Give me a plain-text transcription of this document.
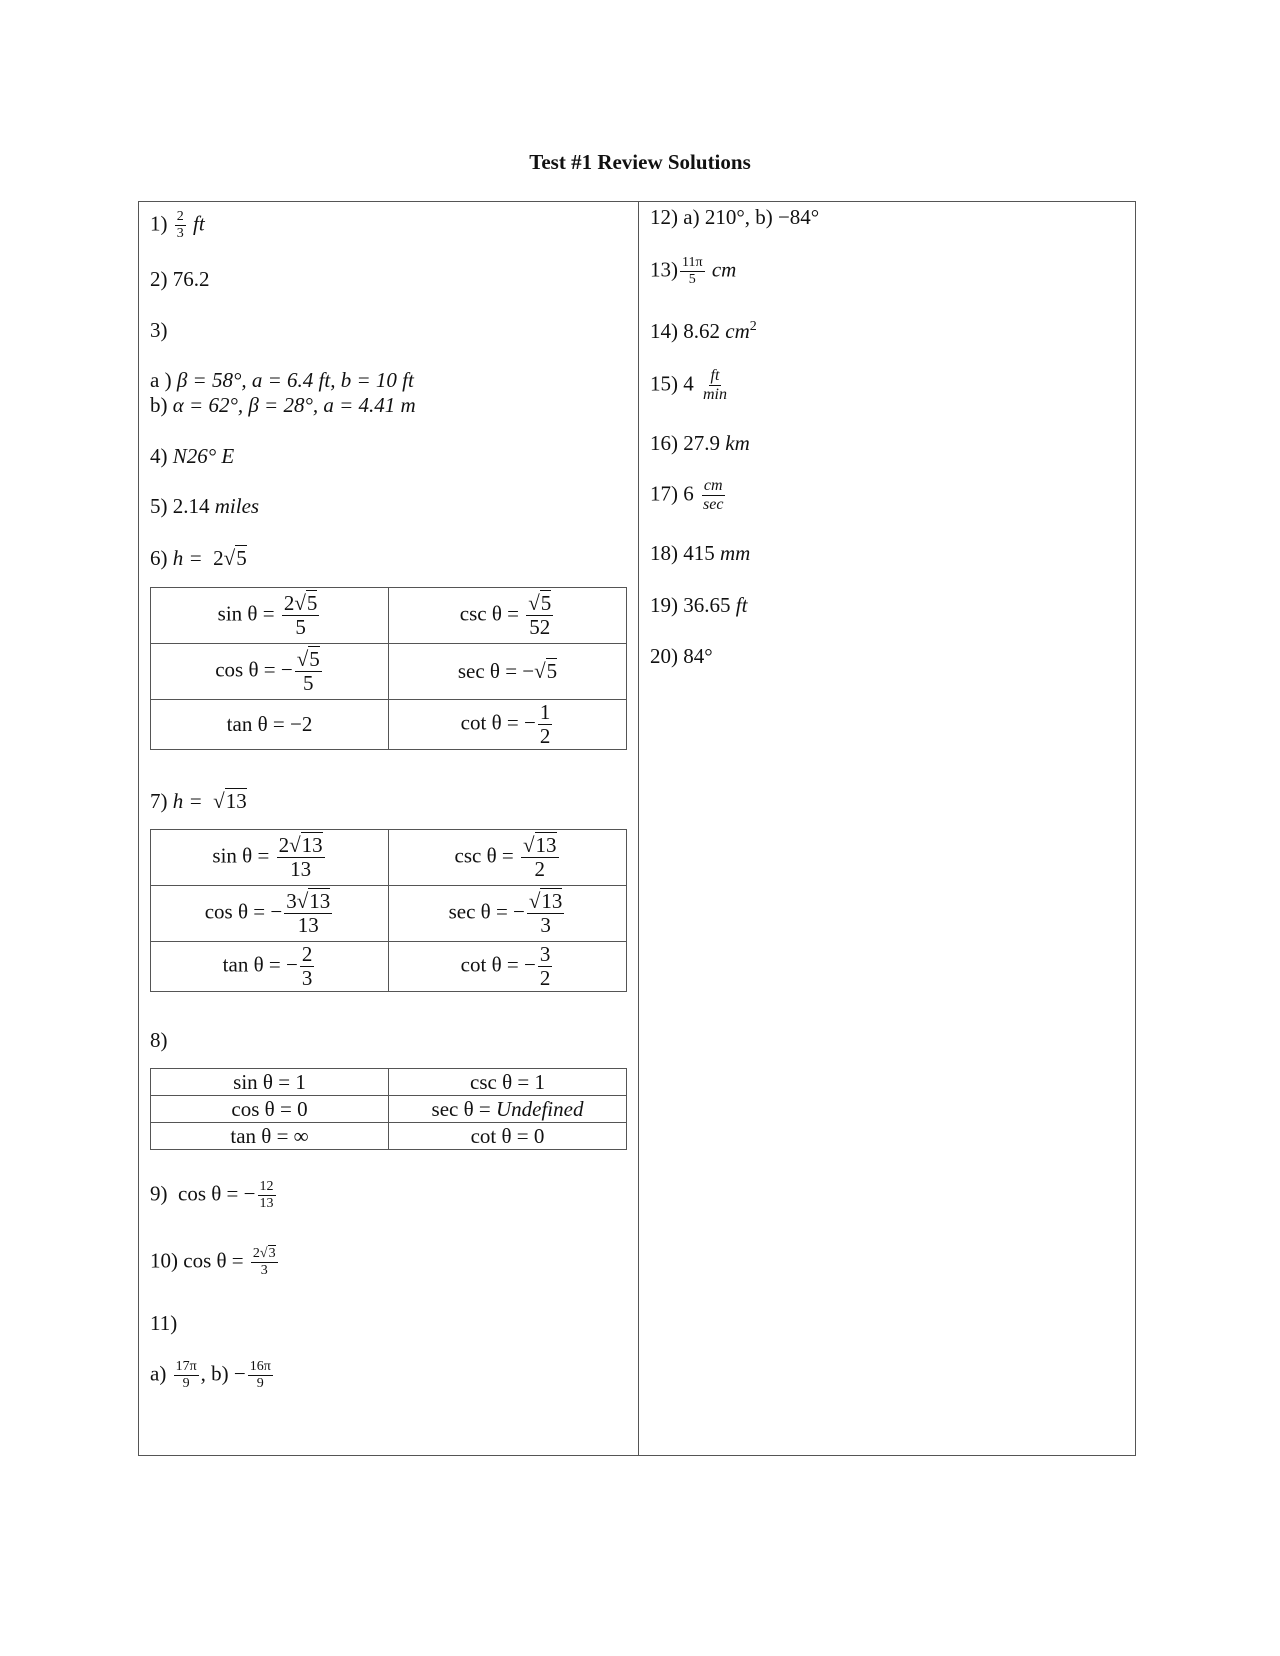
Test #1 Review Solutions
$1) \frac{2}{3}$ ft
2) 76.2
3)
a ) β = 58°, a = 6.4 ft, b = 10 ft
b) α = 62°, β = 28°, a = 4.41 m
4) N26° E
5) 2.14 miles
6) h = 2√5
$\sin \theta = \frac{2√5}{5}$	$\csc \theta = \frac{√5}{52}$

cos θ = − $\frac{√5}{5}$	sec θ = −√5
tan θ = −2	cot θ = − $\frac{1}{2}$
7) h =  √13
$\sin \theta = \frac{2√13}{13}$	$\csc \theta = \frac{√13}{2}$

cos θ = − $\frac{3√13}{13}$	sec θ = − $\frac{√13}{3}$

tan θ = − $\frac{2}{3}$	cot θ = − $\frac{3}{2}$
8)
sin θ = 1	csc θ = 1
cos θ = 0	sec θ = Undefined
tan θ = ∞	cot θ = 0
9) cos θ = − $\frac{12}{13}$
10) $\cos \theta = \frac{2√3}{3}$
11)
$a) \frac{17\pi}{9}$ , $b) - \frac{16\pi}{9}$
12) a) 210°, b) −84°
$13) \frac{11\pi}{5}$ cm
14) 8.62 $cm^2$
15) $4 \frac{ft}{\min}$
16) 27.9 km
17) $6 \frac{cm}{\sec}$
18) 415 mm
19) 36.65 ft
20) 84°
